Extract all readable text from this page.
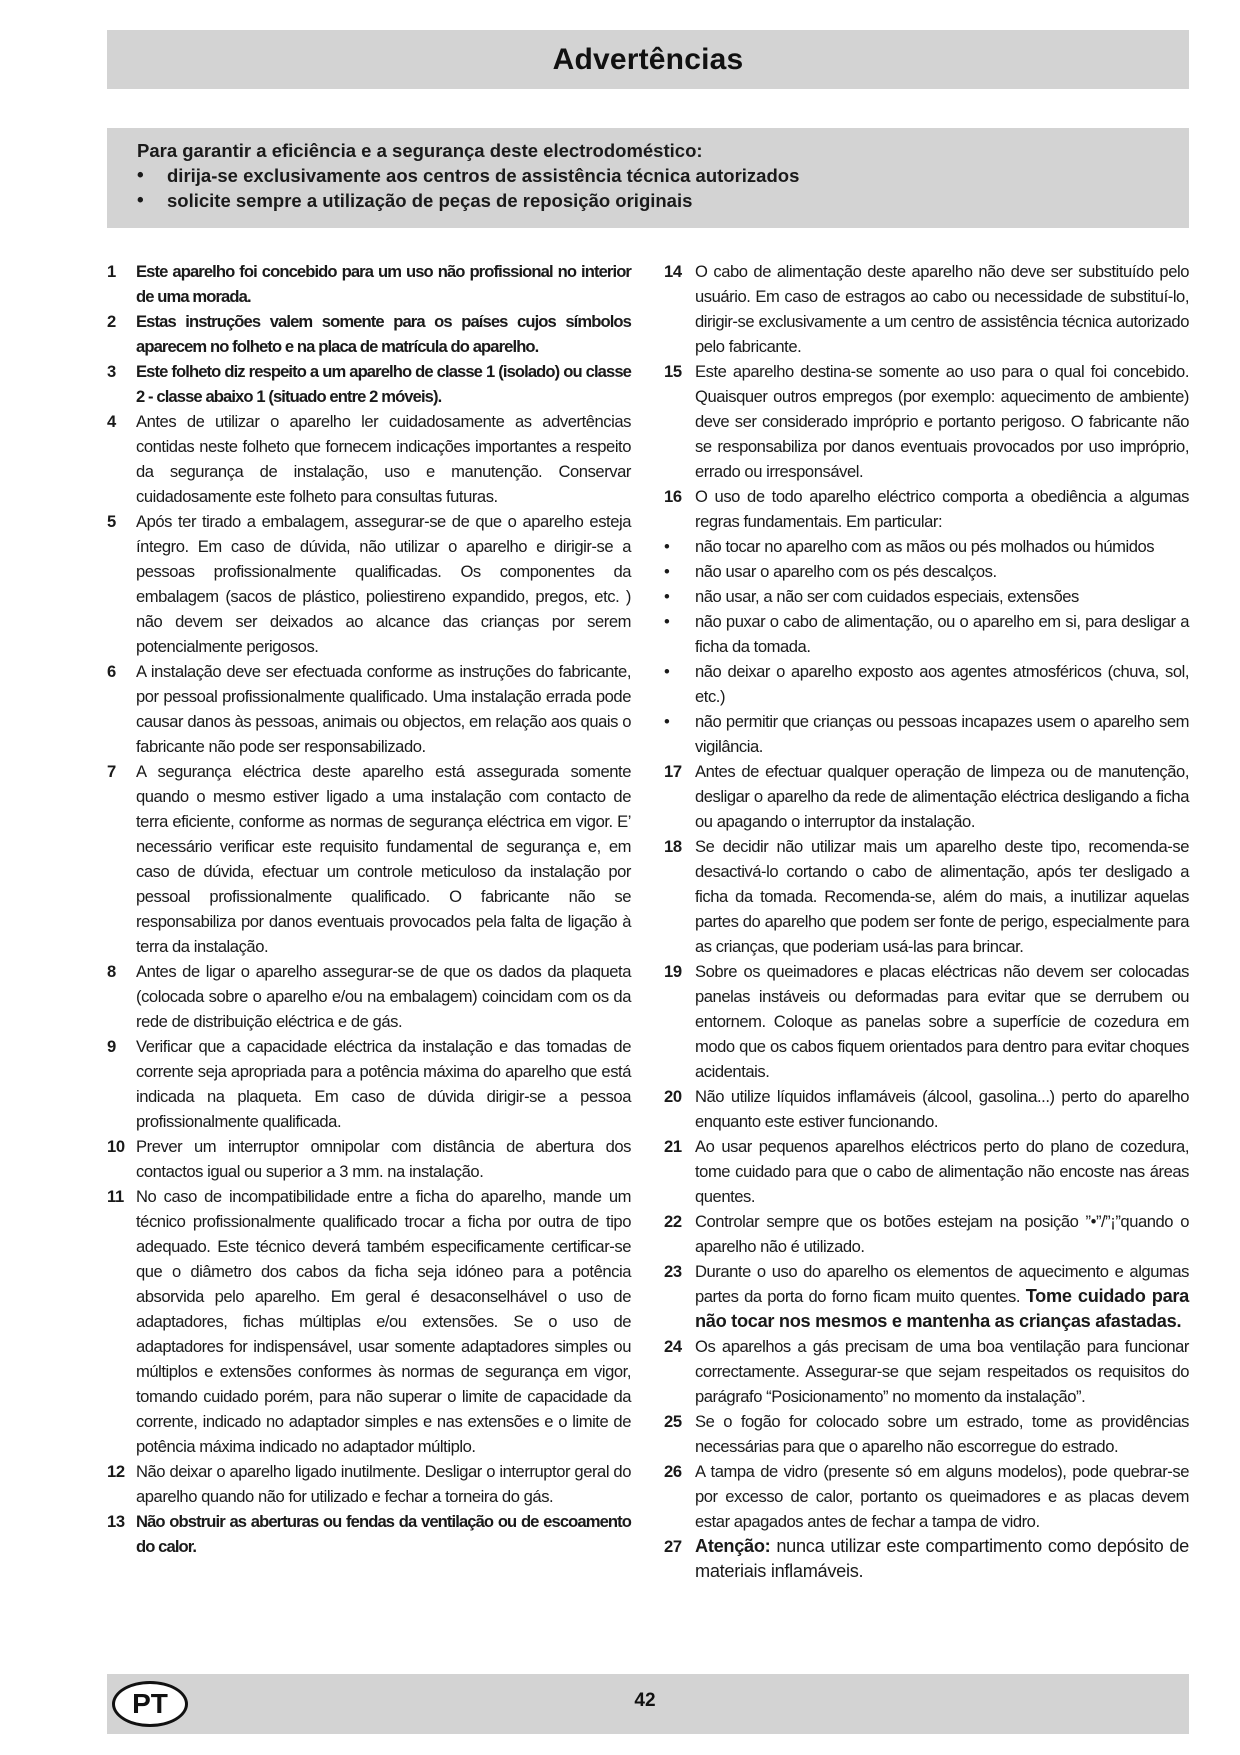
Advertências
Para garantir a eficiência e a segurança deste electrodoméstico:
• dirija-se exclusivamente aos centros de assistência técnica autorizados
• solicite sempre a utilização de peças de reposição originais
1	Este aparelho foi concebido para um uso não profissional no interior de uma morada.
2	Estas instruções valem somente para os países cujos símbolos aparecem no folheto e na placa de matrícula do aparelho.
3	Este folheto diz respeito a um aparelho de classe 1 (isolado) ou classe 2 - classe abaixo 1 (situado entre 2 móveis).
4	Antes de utilizar o aparelho ler cuidadosamente as advertências contidas neste folheto que fornecem indicações importantes a respeito da segurança de instalação, uso e manutenção. Conservar cuidadosamente este folheto para consultas futuras.
5	Após ter tirado a embalagem, assegurar-se de que o aparelho esteja íntegro. Em caso de dúvida, não utilizar o aparelho e dirigir-se a pessoas profissionalmente qualificadas. Os componentes da embalagem (sacos de plástico, poliestireno expandido, pregos, etc. ) não devem ser deixados ao alcance das crianças por serem potencialmente perigosos.
6	A instalação deve ser efectuada conforme as instruções do fabricante, por pessoal profissionalmente qualificado. Uma instalação errada pode causar danos às pessoas, animais ou objectos, em relação aos quais o fabricante não pode ser responsabilizado.
7	A segurança eléctrica deste aparelho está assegurada somente quando o mesmo estiver ligado a uma instalação com contacto de terra eficiente, conforme as normas de segurança eléctrica em vigor. E’ necessário verificar este requisito fundamental de segurança e, em caso de dúvida, efectuar um controle meticuloso da instalação por pessoal profissionalmente qualificado. O fabricante não se responsabiliza por danos eventuais provocados pela falta de ligação à terra da instalação.
8	Antes de ligar o aparelho assegurar-se de que os dados da plaqueta (colocada sobre o aparelho e/ou na embalagem) coincidam com os da rede de distribuição eléctrica e de gás.
9	Verificar que a capacidade eléctrica da instalação e das tomadas de corrente seja apropriada para a potência máxima do aparelho que está indicada na plaqueta. Em caso de dúvida dirigir-se a pessoa profissionalmente qualificada.
10 Prever um interruptor omnipolar com distância de abertura dos contactos igual ou superior a 3 mm. na instalação.
11 No caso de incompatibilidade entre a ficha do aparelho, mande um técnico profissionalmente qualificado trocar a ficha por outra de tipo adequado. Este técnico deverá também especificamente certificar-se que o diâmetro dos cabos da ficha seja idóneo para a potência absorvida pelo aparelho. Em geral é desaconselhável o uso de adaptadores, fichas múltiplas e/ou extensões. Se o uso de adaptadores for indispensável, usar somente adaptadores simples ou múltiplos e extensões conformes às normas de segurança em vigor, tomando cuidado porém, para não superar o limite de capacidade da corrente, indicado no adaptador simples e nas extensões e o limite de potência máxima indicado no adaptador múltiplo.
12 Não deixar o aparelho ligado inutilmente. Desligar o interruptor geral do aparelho quando não for utilizado e fechar a torneira do gás.
13 Não obstruir as aberturas ou fendas da ventilação ou de escoamento do calor.
14 O cabo de alimentação deste aparelho não deve ser substituído pelo usuário. Em caso de estragos ao cabo ou necessidade de substituí-lo, dirigir-se exclusivamente a um centro de assistência técnica autorizado pelo fabricante.
15 Este aparelho destina-se somente ao uso para o qual foi concebido. Quaisquer outros empregos (por exemplo: aquecimento de ambiente) deve ser considerado impróprio e portanto perigoso. O fabricante não se responsabiliza por danos eventuais provocados por uso impróprio, errado ou irresponsável.
16 O uso de todo aparelho eléctrico comporta a obediência a algumas regras fundamentais. Em particular:
•	não tocar no aparelho com as mãos ou pés molhados ou húmidos
•	não usar o aparelho com os pés descalços.
•	não usar, a não ser com cuidados especiais, extensões
•	não puxar o cabo de alimentação, ou o aparelho em si, para desligar a ficha da tomada.
•	não deixar o aparelho exposto aos agentes atmosféricos (chuva, sol, etc.)
•	não permitir que crianças ou pessoas incapazes usem o aparelho sem vigilância.
17 Antes de efectuar qualquer operação de limpeza ou de manutenção, desligar o aparelho da rede de alimentação eléctrica desligando a ficha ou apagando o interruptor da instalação.
18 Se decidir não utilizar mais um aparelho deste tipo, recomenda-se desactivá-lo cortando o cabo de alimentação, após ter desligado a ficha da tomada. Recomenda-se, além do mais, a inutilizar aquelas partes do aparelho que podem ser fonte de perigo, especialmente para as crianças, que poderiam usá-las para brincar.
19 Sobre os queimadores e placas eléctricas não devem ser colocadas panelas instáveis ou deformadas para evitar que se derrubem ou entornem. Coloque as panelas sobre a superfície de cozedura em modo que os cabos fiquem orientados para dentro para evitar choques acidentais.
20 Não utilize líquidos inflamáveis (álcool, gasolina...) perto do aparelho enquanto este estiver funcionando.
21 Ao usar pequenos aparelhos eléctricos perto do plano de cozedura, tome cuidado para que o cabo de alimentação não encoste nas áreas quentes.
22 Controlar sempre que os botões estejam na posição ”•”/”¡”quando o aparelho não é utilizado.
23 Durante o uso do aparelho os elementos de aquecimento e algumas partes da porta do forno ficam muito quentes. Tome cuidado para não tocar nos mesmos e mantenha as crianças afastadas.
24 Os aparelhos a gás precisam de uma boa ventilação para funcionar correctamente. Assegurar-se que sejam respeitados os requisitos do parágrafo “Posicionamento” no momento da instalação”.
25 Se o fogão for colocado sobre um estrado, tome as providências necessárias para que o aparelho não escorregue do estrado.
26 A tampa de vidro (presente só em alguns modelos), pode quebrar-se por excesso de calor, portanto os queimadores e as placas devem estar apagados antes de fechar a tampa de vidro.
27 Atenção: nunca utilizar este compartimento como depósito de materiais inflamáveis.
PT	42
